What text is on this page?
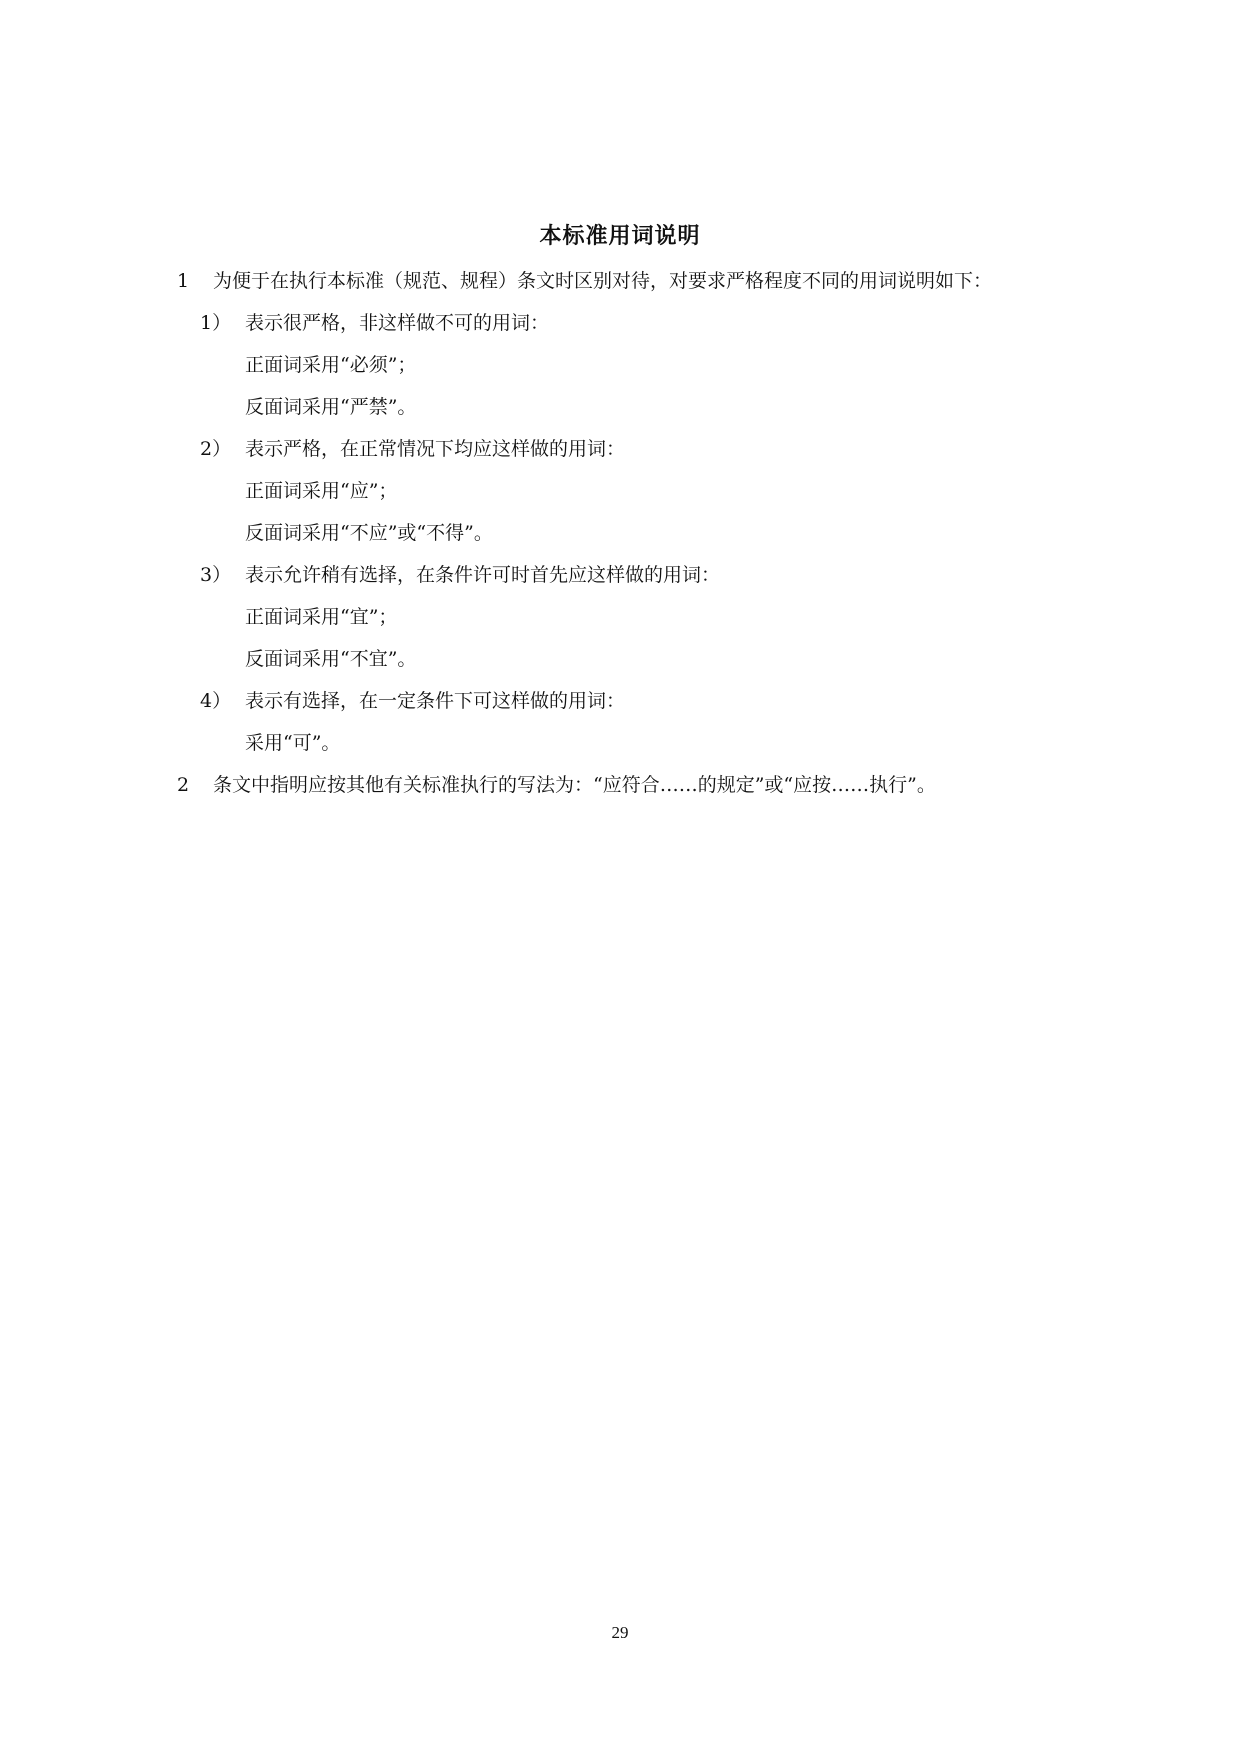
本标准用词说明
1 为便于在执行本标准（规范、规程）条文时区别对待，对要求严格程度不同的用词说明如下：
1） 表示很严格，非这样做不可的用词：
正面词采用“必须”；
反面词采用“严禁”。
2） 表示严格，在正常情况下均应这样做的用词：
正面词采用“应”；
反面词采用“不应”或“不得”。
3） 表示允许稍有选择，在条件许可时首先应这样做的用词：
正面词采用“宜”；
反面词采用“不宜”。
4） 表示有选择，在一定条件下可这样做的用词：
采用“可”。
2 条文中指明应按其他有关标准执行的写法为：“应符合……的规定”或“应按……执行”。
29
